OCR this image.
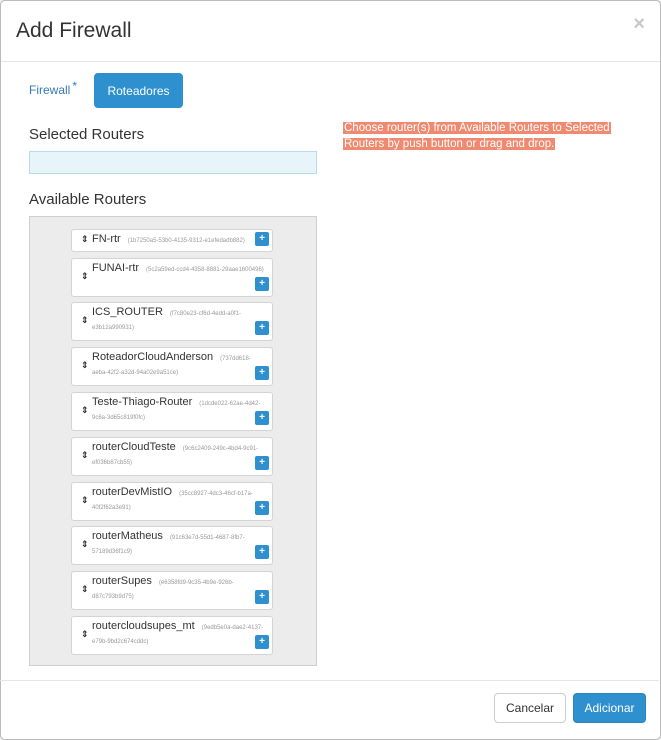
Add Firewall	×
Firewall *	Roteadores
Selected Routers
Available Routers
⇕ FN-rtr (1b7250a5-53b0-4135-9312-e1efedadb882)	+
⇕
FUNAI-rtr (5c2a59ed-ccd4-4358-8881-29aae1600496)
+
⇕
ICS_ROUTER (f7c80e23-cf6d-4edd-a0f1-
e3b12a990931)	+
⇕
RoteadorCloudAnderson (737dd618-
aeba-42f2-a32d-94a02e9a51ce)	+
⇕
Teste-Thiago-Router (1dcde022-62ae-4d42-
9c6a-3d65c819f0fc)	+
⇕
routerCloudTeste (9c6c2409-249c-4bd4-9c91-
ef036b87cb55)	+
⇕
routerDevMistIO (35cc8927-4dc3-46cf-b17a-
40f2f62a3e91)	+
⇕
routerMatheus (91c63e7d-55d1-4687-8fb7-
57189d36f1c9)	+
⇕
routerSupes (e6358fd9-9c35-4b9e-926b-
d87c793b9d75)	+
⇕
routercloudsupes_mt (9edb5e0a-dae2-4137-
e79b-9bd2c674cddc)	+
Choose router(s) from Available Routers to Selected Routers by push button or drag and drop.
Cancelar	Adicionar
